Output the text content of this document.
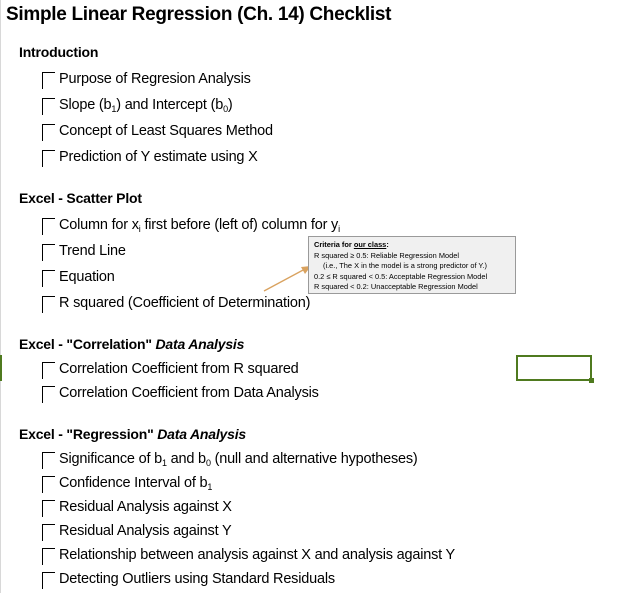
Simple Linear Regression (Ch. 14) Checklist
Introduction
Purpose of Regresion Analysis
Slope $(b_1)$ and Intercept $(b_0)$
Concept of Least Squares Method
Prediction of Y estimate using X
Excel - Scatter Plot
Column for $x_i$ first before (left of) column for $y_i$
Trend Line
Equation
R squared (Coefficient of Determination)
Excel - "Correlation" Data Analysis
Correlation Coefficient from R squared
Correlation Coefficient from Data Analysis
Excel - "Regression" Data Analysis
Significance of $b_1$ and $b_0$ (null and alternative hypotheses)
Confidence Interval of $b_1$
Residual Analysis against X
Residual Analysis against Y
Relationship between analysis against X and analysis against Y
Detecting Outliers using Standard Residuals
Criteria for our class:
R squared ≥ 0.5: Reliable Regression Model
(i.e., The X in the model is a strong predictor of Y.)
0.2 ≤ R squared < 0.5: Acceptable Regression Model
R squared < 0.2: Unacceptable Regression Model
